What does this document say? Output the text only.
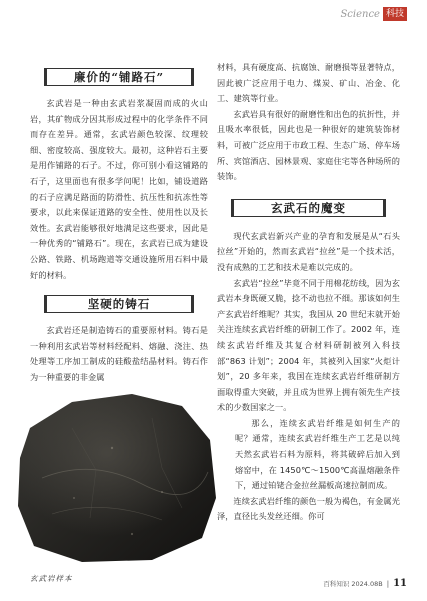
Science 科技
廉价的“铺路石”

玄武岩是一种由玄武岩浆凝固而成的火山岩，其矿物成分因其形成过程中的化学条件不同而存在差异。通常，玄武岩颜色较深、纹理较细、密度较高、强度较大。最初，这种岩石主要是用作铺路的石子。不过，你可别小看这铺路的石子，这里面也有很多学问呢！比如，铺设道路的石子应满足路面的防滑性、抗压性和抗冻性等要求，以此来保证道路的安全性、使用性以及长效性。玄武岩能够很好地满足这些要求，因此是一种优秀的“铺路石”。现在，玄武岩已成为建设公路、铁路、机场跑道等交通设施所用石料中最好的材料。

坚硬的铸石

玄武岩还是制造铸石的重要原材料。铸石是一种利用玄武岩等材料经配料、熔融、浇注、热处理等工序加工制成的硅酸盐结晶材料。铸石作为一种重要的非金属

材料，具有硬度高、抗腐蚀、耐磨损等显著特点，因此被广泛应用于电力、煤炭、矿山、冶金、化工、建筑等行业。

玄武岩具有很好的耐磨性和出色的抗折性，并且吸水率很低，因此也是一种很好的建筑装饰材料，可被广泛应用于市政工程、生态广场、停车场所、宾馆酒店、园林景观、家庭住宅等各种场所的装饰。

玄武石的魔变

现代玄武岩新兴产业的孕育和发展是从“石头拉丝”开始的，然而玄武岩“拉丝”是一个技术活，没有成熟的工艺和技术是难以完成的。

玄武岩“拉丝”毕竟不同于用棉花纺线，因为玄武岩本身既硬又脆，捻不动也拉不细。那该如何生产玄武岩纤维呢？其实，我国从 20 世纪末就开始关注连续玄武岩纤维的研制工作了。2002 年，连续玄武岩纤维及其复合材料研制被列入科技部“863 计划”；2004 年，其被列入国家“火炬计划”，20 多年来，我国在连续玄武岩纤维研制方面取得重大突破，并且成为世界上拥有领先生产技术的少数国家之一。

那么，连续玄武岩纤维是如何生产的呢？通常，连续玄武岩纤维生产工艺是以纯天然玄武岩石料为原料，将其破碎后加入到熔窑中，在 1450℃～1500℃高温熔融条件下，通过铂铑合金拉丝漏板高速拉制而成。

连续玄武岩纤维的颜色一般为褐色，有金属光泽，直径比头发丝还细。你可

玄武岩样本
百科知识 2024.08B | 11
